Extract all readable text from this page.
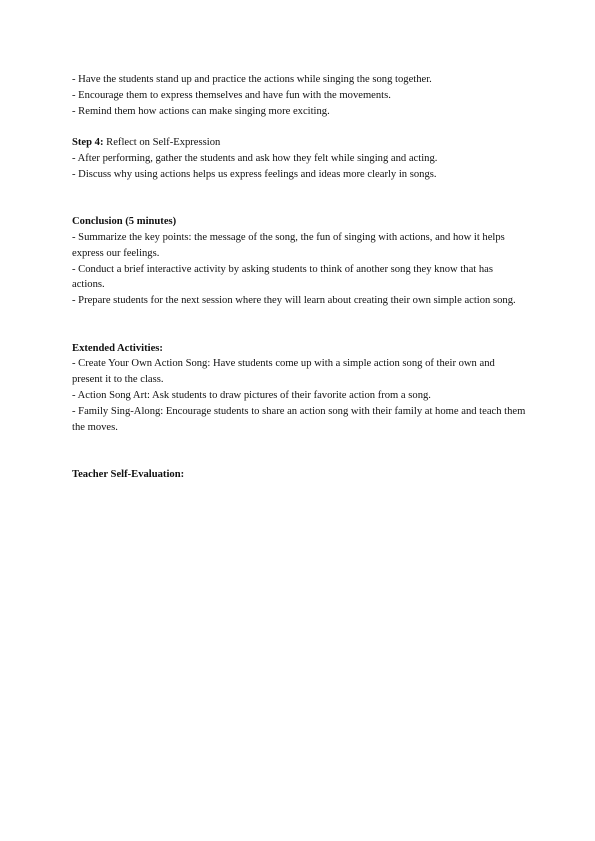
- Have the students stand up and practice the actions while singing the song together.
- Encourage them to express themselves and have fun with the movements.
- Remind them how actions can make singing more exciting.
Step 4: Reflect on Self-Expression
- After performing, gather the students and ask how they felt while singing and acting.
- Discuss why using actions helps us express feelings and ideas more clearly in songs.
Conclusion (5 minutes)
- Summarize the key points: the message of the song, the fun of singing with actions, and how it helps express our feelings.
- Conduct a brief interactive activity by asking students to think of another song they know that has actions.
- Prepare students for the next session where they will learn about creating their own simple action song.
Extended Activities:
- Create Your Own Action Song: Have students come up with a simple action song of their own and present it to the class.
- Action Song Art: Ask students to draw pictures of their favorite action from a song.
- Family Sing-Along: Encourage students to share an action song with their family at home and teach them the moves.
Teacher Self-Evaluation:
